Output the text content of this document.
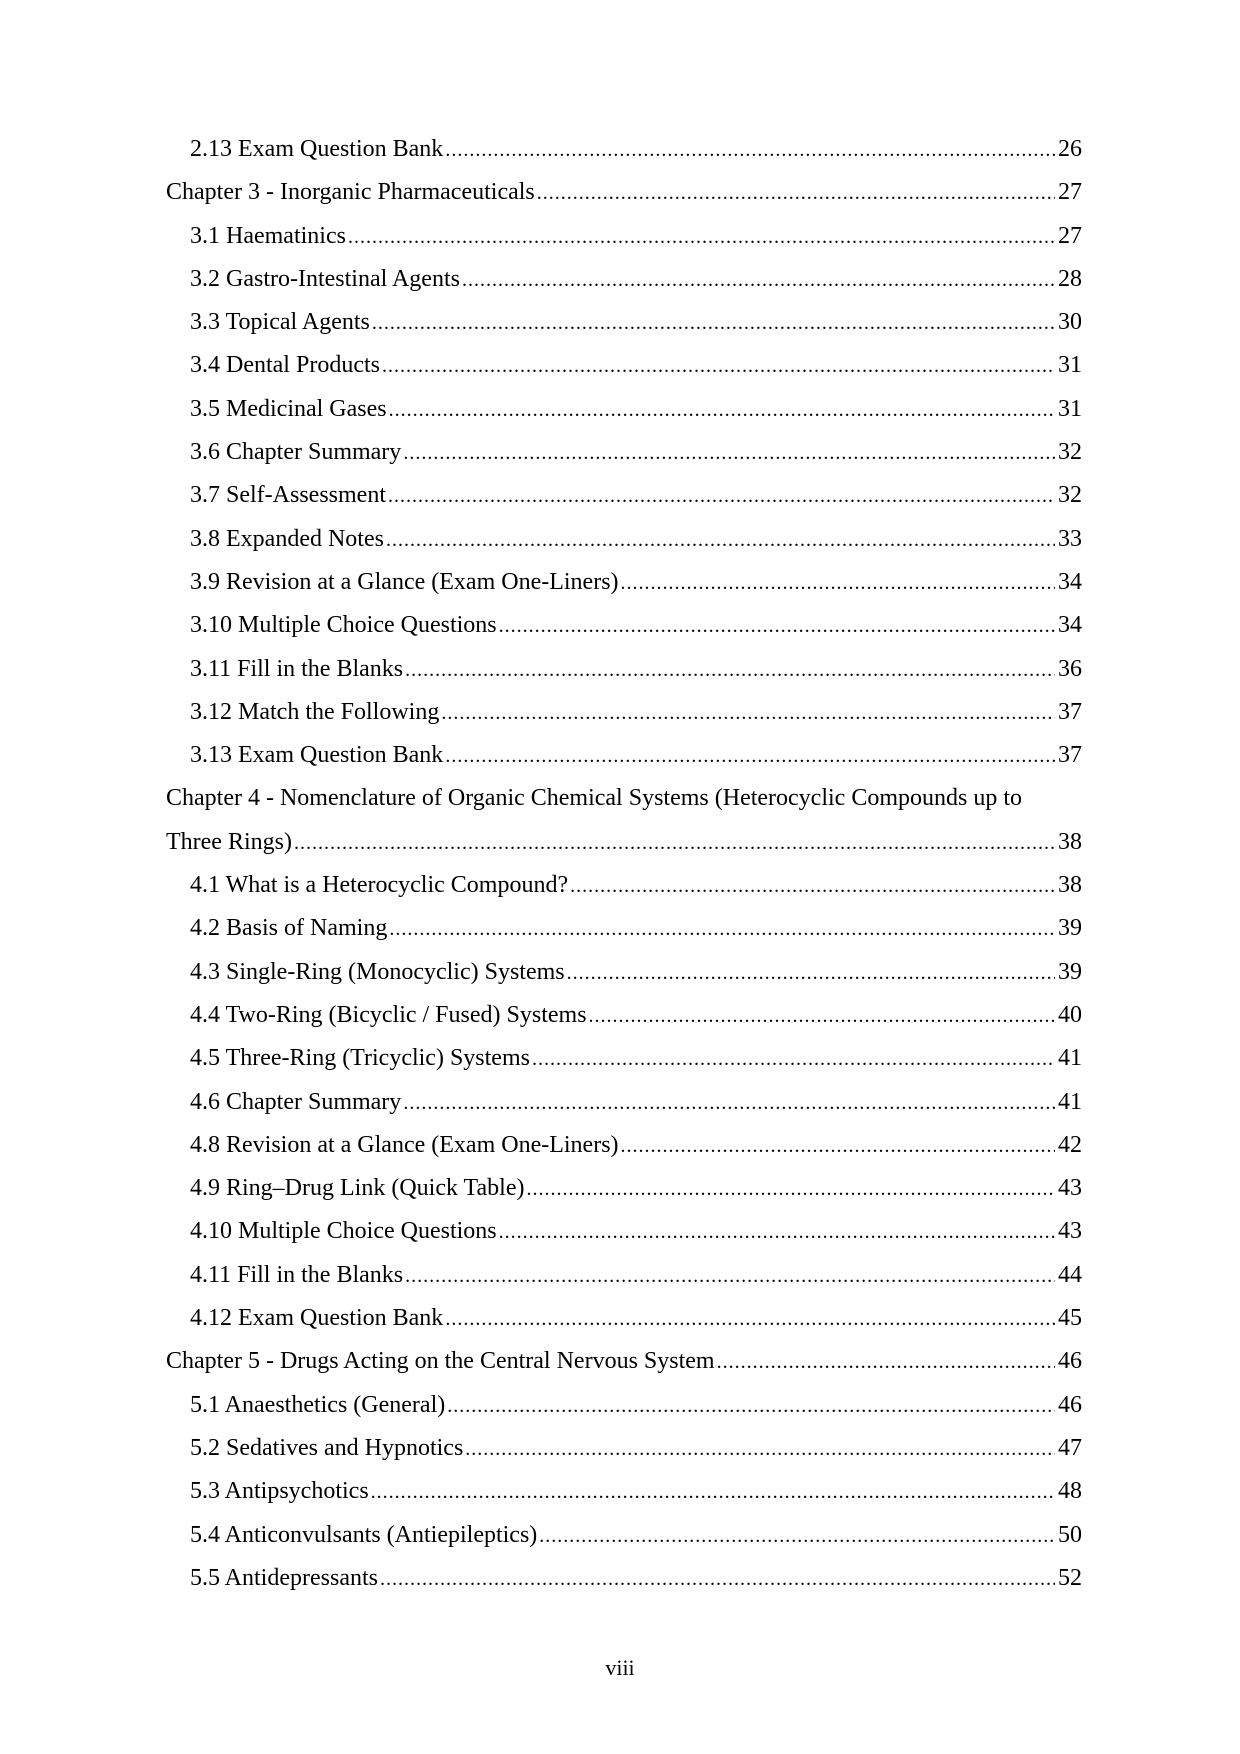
2.13 Exam Question Bank .....	26
Chapter 3 - Inorganic Pharmaceuticals .....	27
3.1 Haematinics .....	27
3.2 Gastro-Intestinal Agents .....	28
3.3 Topical Agents .....	30
3.4 Dental Products .....	31
3.5 Medicinal Gases .....	31
3.6 Chapter Summary .....	32
3.7 Self-Assessment .....	32
3.8 Expanded Notes .....	33
3.9 Revision at a Glance (Exam One-Liners) .....	34
3.10 Multiple Choice Questions .....	34
3.11 Fill in the Blanks .....	36
3.12 Match the Following .....	37
3.13 Exam Question Bank .....	37
Chapter 4 - Nomenclature of Organic Chemical Systems (Heterocyclic Compounds up to
Three Rings) .....	38
4.1 What is a Heterocyclic Compound? .....	38
4.2 Basis of Naming .....	39
4.3 Single-Ring (Monocyclic) Systems .....	39
4.4 Two-Ring (Bicyclic / Fused) Systems .....	40
4.5 Three-Ring (Tricyclic) Systems .....	41
4.6 Chapter Summary .....	41
4.8 Revision at a Glance (Exam One-Liners) .....	42
4.9 Ring–Drug Link (Quick Table) .....	43
4.10 Multiple Choice Questions .....	43
4.11 Fill in the Blanks .....	44
4.12 Exam Question Bank .....	45
Chapter 5 - Drugs Acting on the Central Nervous System .....	46
5.1 Anaesthetics (General) .....	46
5.2 Sedatives and Hypnotics .....	47
5.3 Antipsychotics .....	48
5.4 Anticonvulsants (Antiepileptics) .....	50
5.5 Antidepressants .....	52
viii
